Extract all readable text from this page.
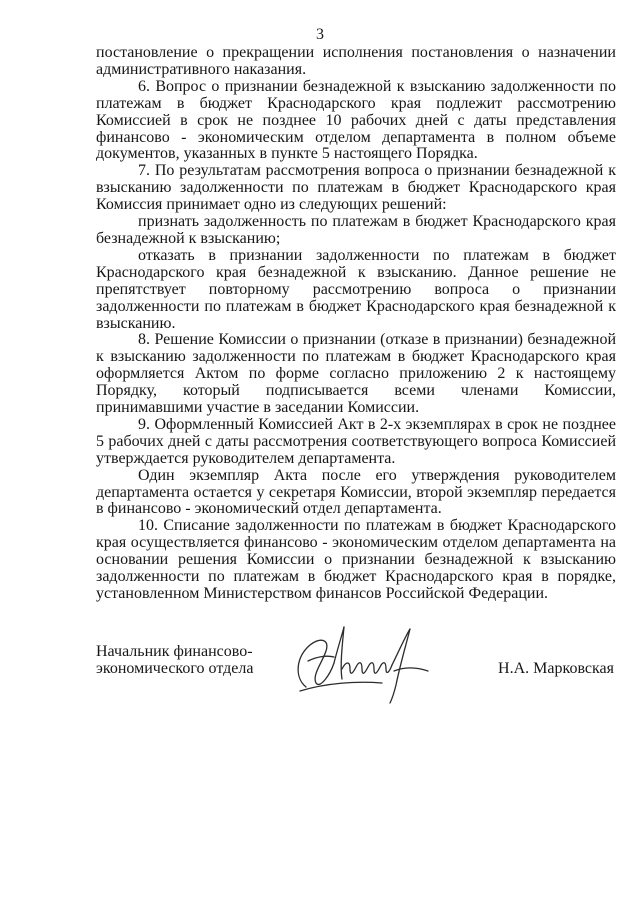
3

постановление о прекращении исполнения постановления о назначении административного наказания.

6. Вопрос о признании безнадежной к взысканию задолженности по платежам в бюджет Краснодарского края подлежит рассмотрению Комиссией в срок не позднее 10 рабочих дней с даты представления финансово - экономическим отделом департамента в полном объеме документов, указанных в пункте 5 настоящего Порядка.

7. По результатам рассмотрения вопроса о признании безнадежной к взысканию задолженности по платежам в бюджет Краснодарского края Комиссия принимает одно из следующих решений:

признать задолженность по платежам в бюджет Краснодарского края безнадежной к взысканию;

отказать в признании задолженности по платежам в бюджет Краснодарского края безнадежной к взысканию. Данное решение не препятствует повторному рассмотрению вопроса о признании задолженности по платежам в бюджет Краснодарского края безнадежной к взысканию.

8. Решение Комиссии о признании (отказе в признании) безнадежной к взысканию задолженности по платежам в бюджет Краснодарского края оформляется Актом по форме согласно приложению 2 к настоящему Порядку, который подписывается всеми членами Комиссии, принимавшими участие в заседании Комиссии.

9. Оформленный Комиссией Акт в 2-х экземплярах в срок не позднее 5 рабочих дней с даты рассмотрения соответствующего вопроса Комиссией утверждается руководителем департамента.

Один экземпляр Акта после его утверждения руководителем департамента остается у секретаря Комиссии, второй экземпляр передается в финансово - экономический отдел департамента.

10. Списание задолженности по платежам в бюджет Краснодарского края осуществляется финансово - экономическим отделом департамента на основании решения Комиссии о признании безнадежной к взысканию задолженности по платежам в бюджет Краснодарского края в порядке, установленном Министерством финансов Российской Федерации.

Начальник финансово-экономического отдела	Н.А. Марковская
